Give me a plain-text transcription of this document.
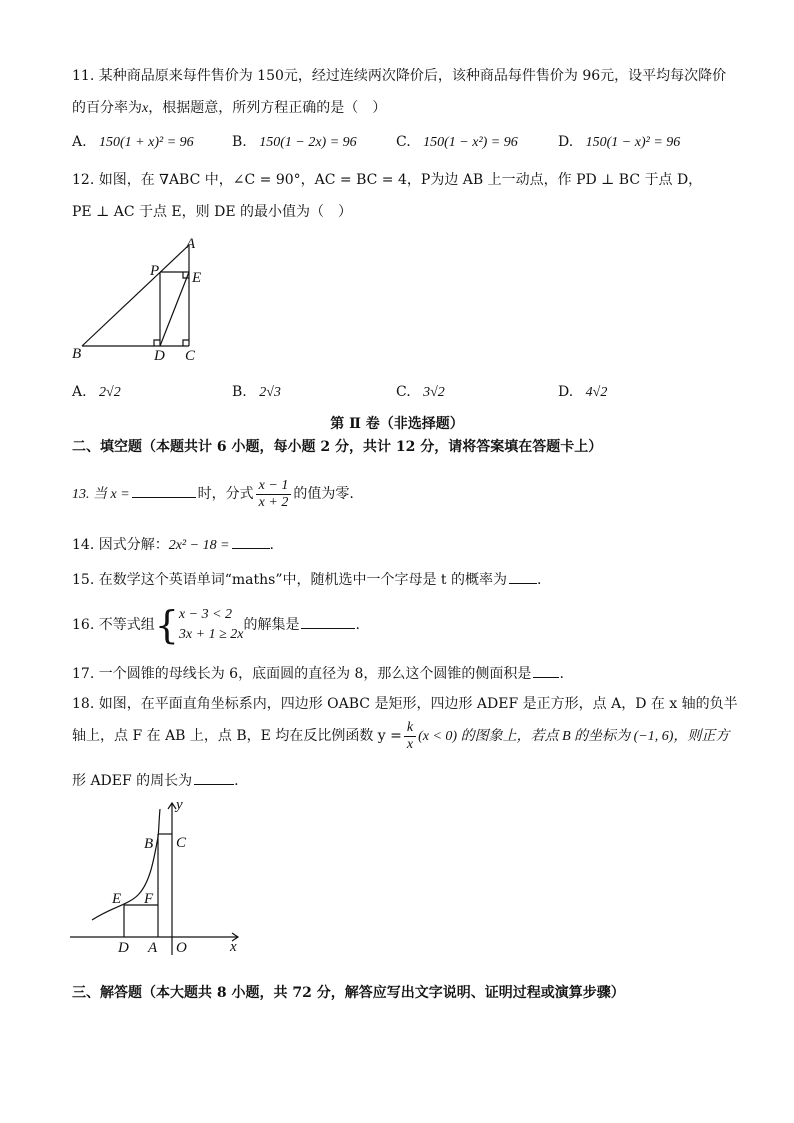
11. 某种商品原来每件售价为 150元，经过连续两次降价后，该种商品每件售价为 96元，设平均每次降价
的百分率为x，根据题意，所列方程正确的是（　）
A. 150(1 + x)² = 96	B. 150(1 − 2x) = 96	C. 150(1 − x²) = 96	D. 150(1 − x)² = 96
12. 如图，在 ∇ABC 中，∠C = 90°，AC = BC = 4，P为边 AB 上一动点，作 PD ⊥ BC 于点 D，
PE ⊥ AC 于点 E，则 DE 的最小值为（　）
A
P E
B	D C
A. 2√2	B. 2√3	C. 3√2	D. 4√2
第 Ⅱ 卷（非选择题）
二、填空题（本题共计 6 小题，每小题 2 分，共计 12 分，请将答案填在答题卡上）
13. 当 x =	时，分式 $\frac{x - 1}{x + 2}$ 的值为零.
14. 因式分解：2x² − 18 =	.
15. 在数学这个英语单词“maths”中，随机选中一个字母是 t 的概率为 .
16. 不等式组{ x − 3 < 2
3x + 1 ≥ 2x
的解集是	.
17. 一个圆锥的母线长为 6，底面圆的直径为 8，那么这个圆锥的侧面积是 .
18. 如图，在平面直角坐标系内，四边形 OABC 是矩形，四边形 ADEF 是正方形，点 A，D 在 x 轴的负半
轴上，点 F 在 AB 上，点 B，E 均在反比例函数 $y = \frac{k}{x} (x < 0)$ 的图象上，若点 B 的坐标为 (−1, 6)，则正方
形 ADEF 的周长为	.
y
x
B C
E F
D A O
三、解答题（本大题共 8 小题，共 72 分，解答应写出文字说明、证明过程或演算步骤）
